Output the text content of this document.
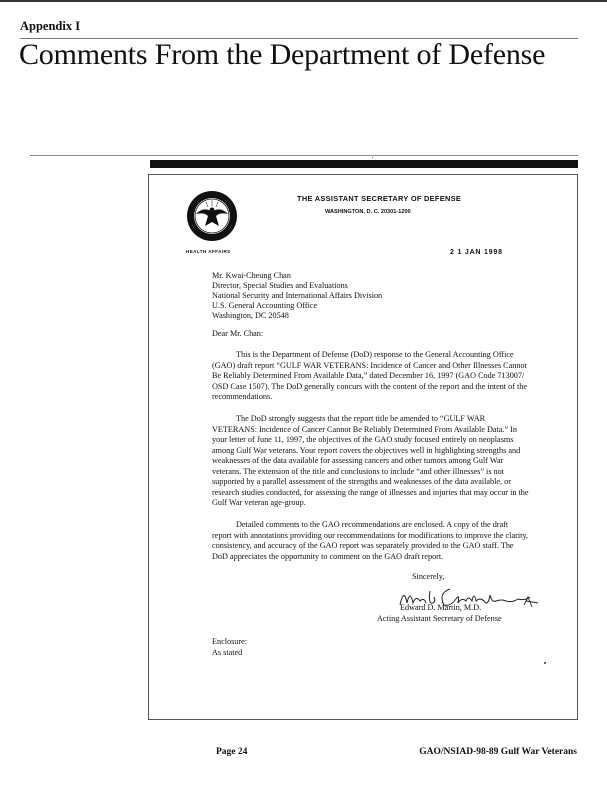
Appendix I
Comments From the Department of Defense
THE ASSISTANT SECRETARY OF DEFENSE
WASHINGTON, D. C. 20301-1200
HEALTH AFFAIRS	2 1 JAN 1998
Mr. Kwai-Cheung Chan
Director, Special Studies and Evaluations
National Security and International Affairs Division
U.S. General Accounting Office
Washington, DC 20548
Dear Mr. Chan:
This is the Department of Defense (DoD) response to the General Accounting Office
(GAO) draft report “GULF WAR VETERANS: Incidence of Cancer and Other Illnesses Cannot
Be Reliably Determined From Available Data,” dated December 16, 1997 (GAO Code 713007/
OSD Case 1507). The DoD generally concurs with the content of the report and the intent of the
recommendations.
The DoD strongly suggests that the report title be amended to “GULF WAR
VETERANS: Incidence of Cancer Cannot Be Reliably Determined From Available Data.” In
your letter of June 11, 1997, the objectives of the GAO study focused entirely on neoplasms
among Gulf War veterans. Your report covers the objectives well in highlighting strengths and
weaknesses of the data available for assessing cancers and other tumors among Gulf War
veterans. The extension of the title and conclusions to include “and other illnesses” is not
supported by a parallel assessment of the strengths and weaknesses of the data available, or
research studies conducted, for assessing the range of illnesses and injuries that may occur in the
Gulf War veteran age-group.
Detailed comments to the GAO recommendations are enclosed. A copy of the draft
report with annotations providing our recommendations for modifications to improve the clarity,
consistency, and accuracy of the GAO report was separately provided to the GAO staff. The
DoD appreciates the opportunity to comment on the GAO draft report.
Sincerely,
Edward D. Martin, M.D.
Acting Assistant Secretary of Defense
Enclosure:
As stated
Page 24	GAO/NSIAD-98-89 Gulf War Veterans
